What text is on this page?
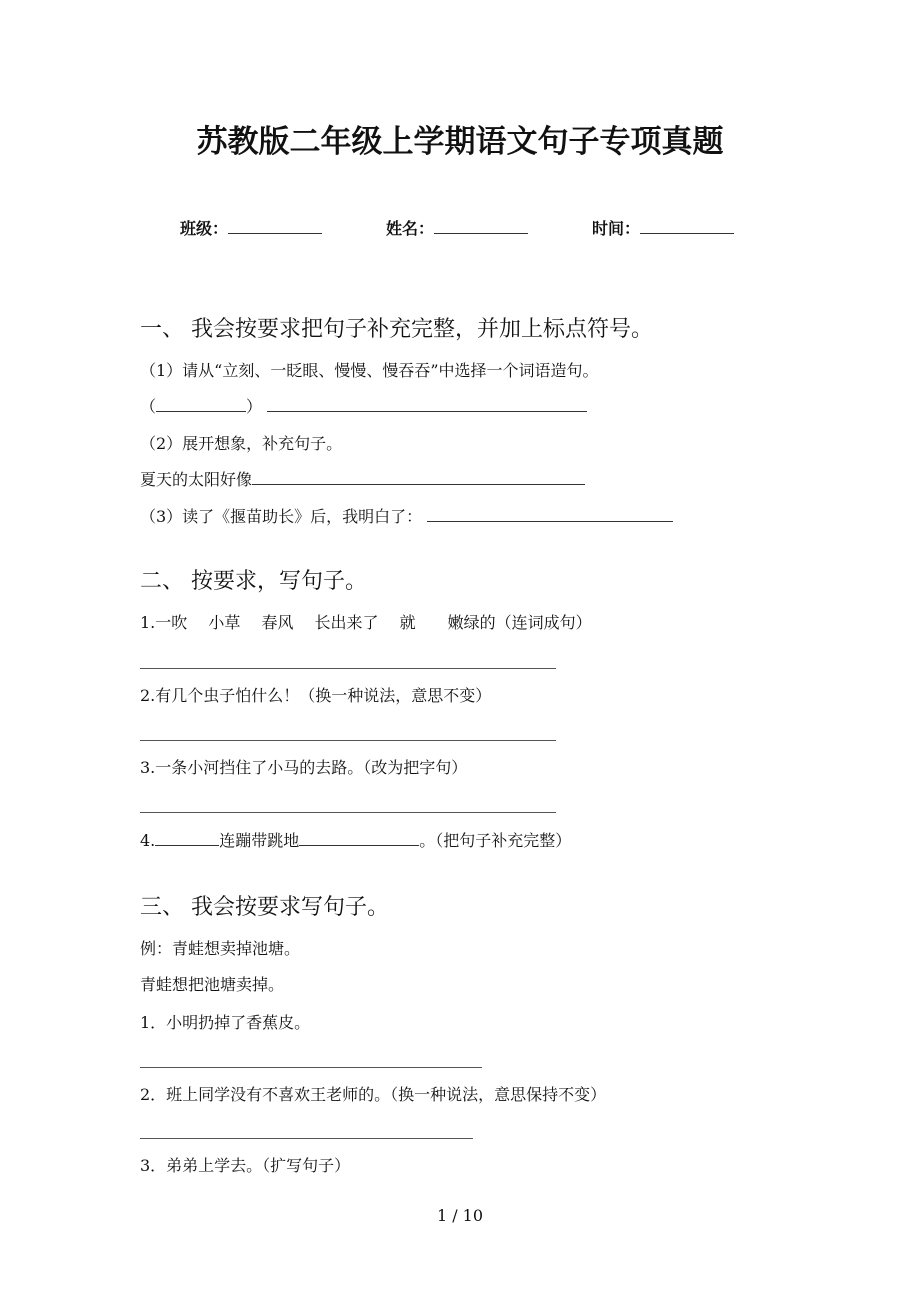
苏教版二年级上学期语文句子专项真题
班级：	姓名：	时间：
一、 我会按要求把句子补充完整，并加上标点符号。
（1）请从“立刻、一眨眼、慢慢、慢吞吞”中选择一个词语造句。
（	）
（2）展开想象，补充句子。
夏天的太阳好像
（3）读了《揠苗助长》后，我明白了：
二、 按要求，写句子。
1.一吹　 小草　 春风　 长出来了　 就　　嫩绿的（连词成句）
2.有几个虫子怕什么！（换一种说法，意思不变）
3.一条小河挡住了小马的去路。（改为把字句）
4.	连蹦带跳地	。（把句子补充完整）
三、 我会按要求写句子。
例：青蛙想卖掉池塘。
青蛙想把池塘卖掉。
1．小明扔掉了香蕉皮。
2．班上同学没有不喜欢王老师的。（换一种说法，意思保持不变）
3．弟弟上学去。（扩写句子）
1 / 10
